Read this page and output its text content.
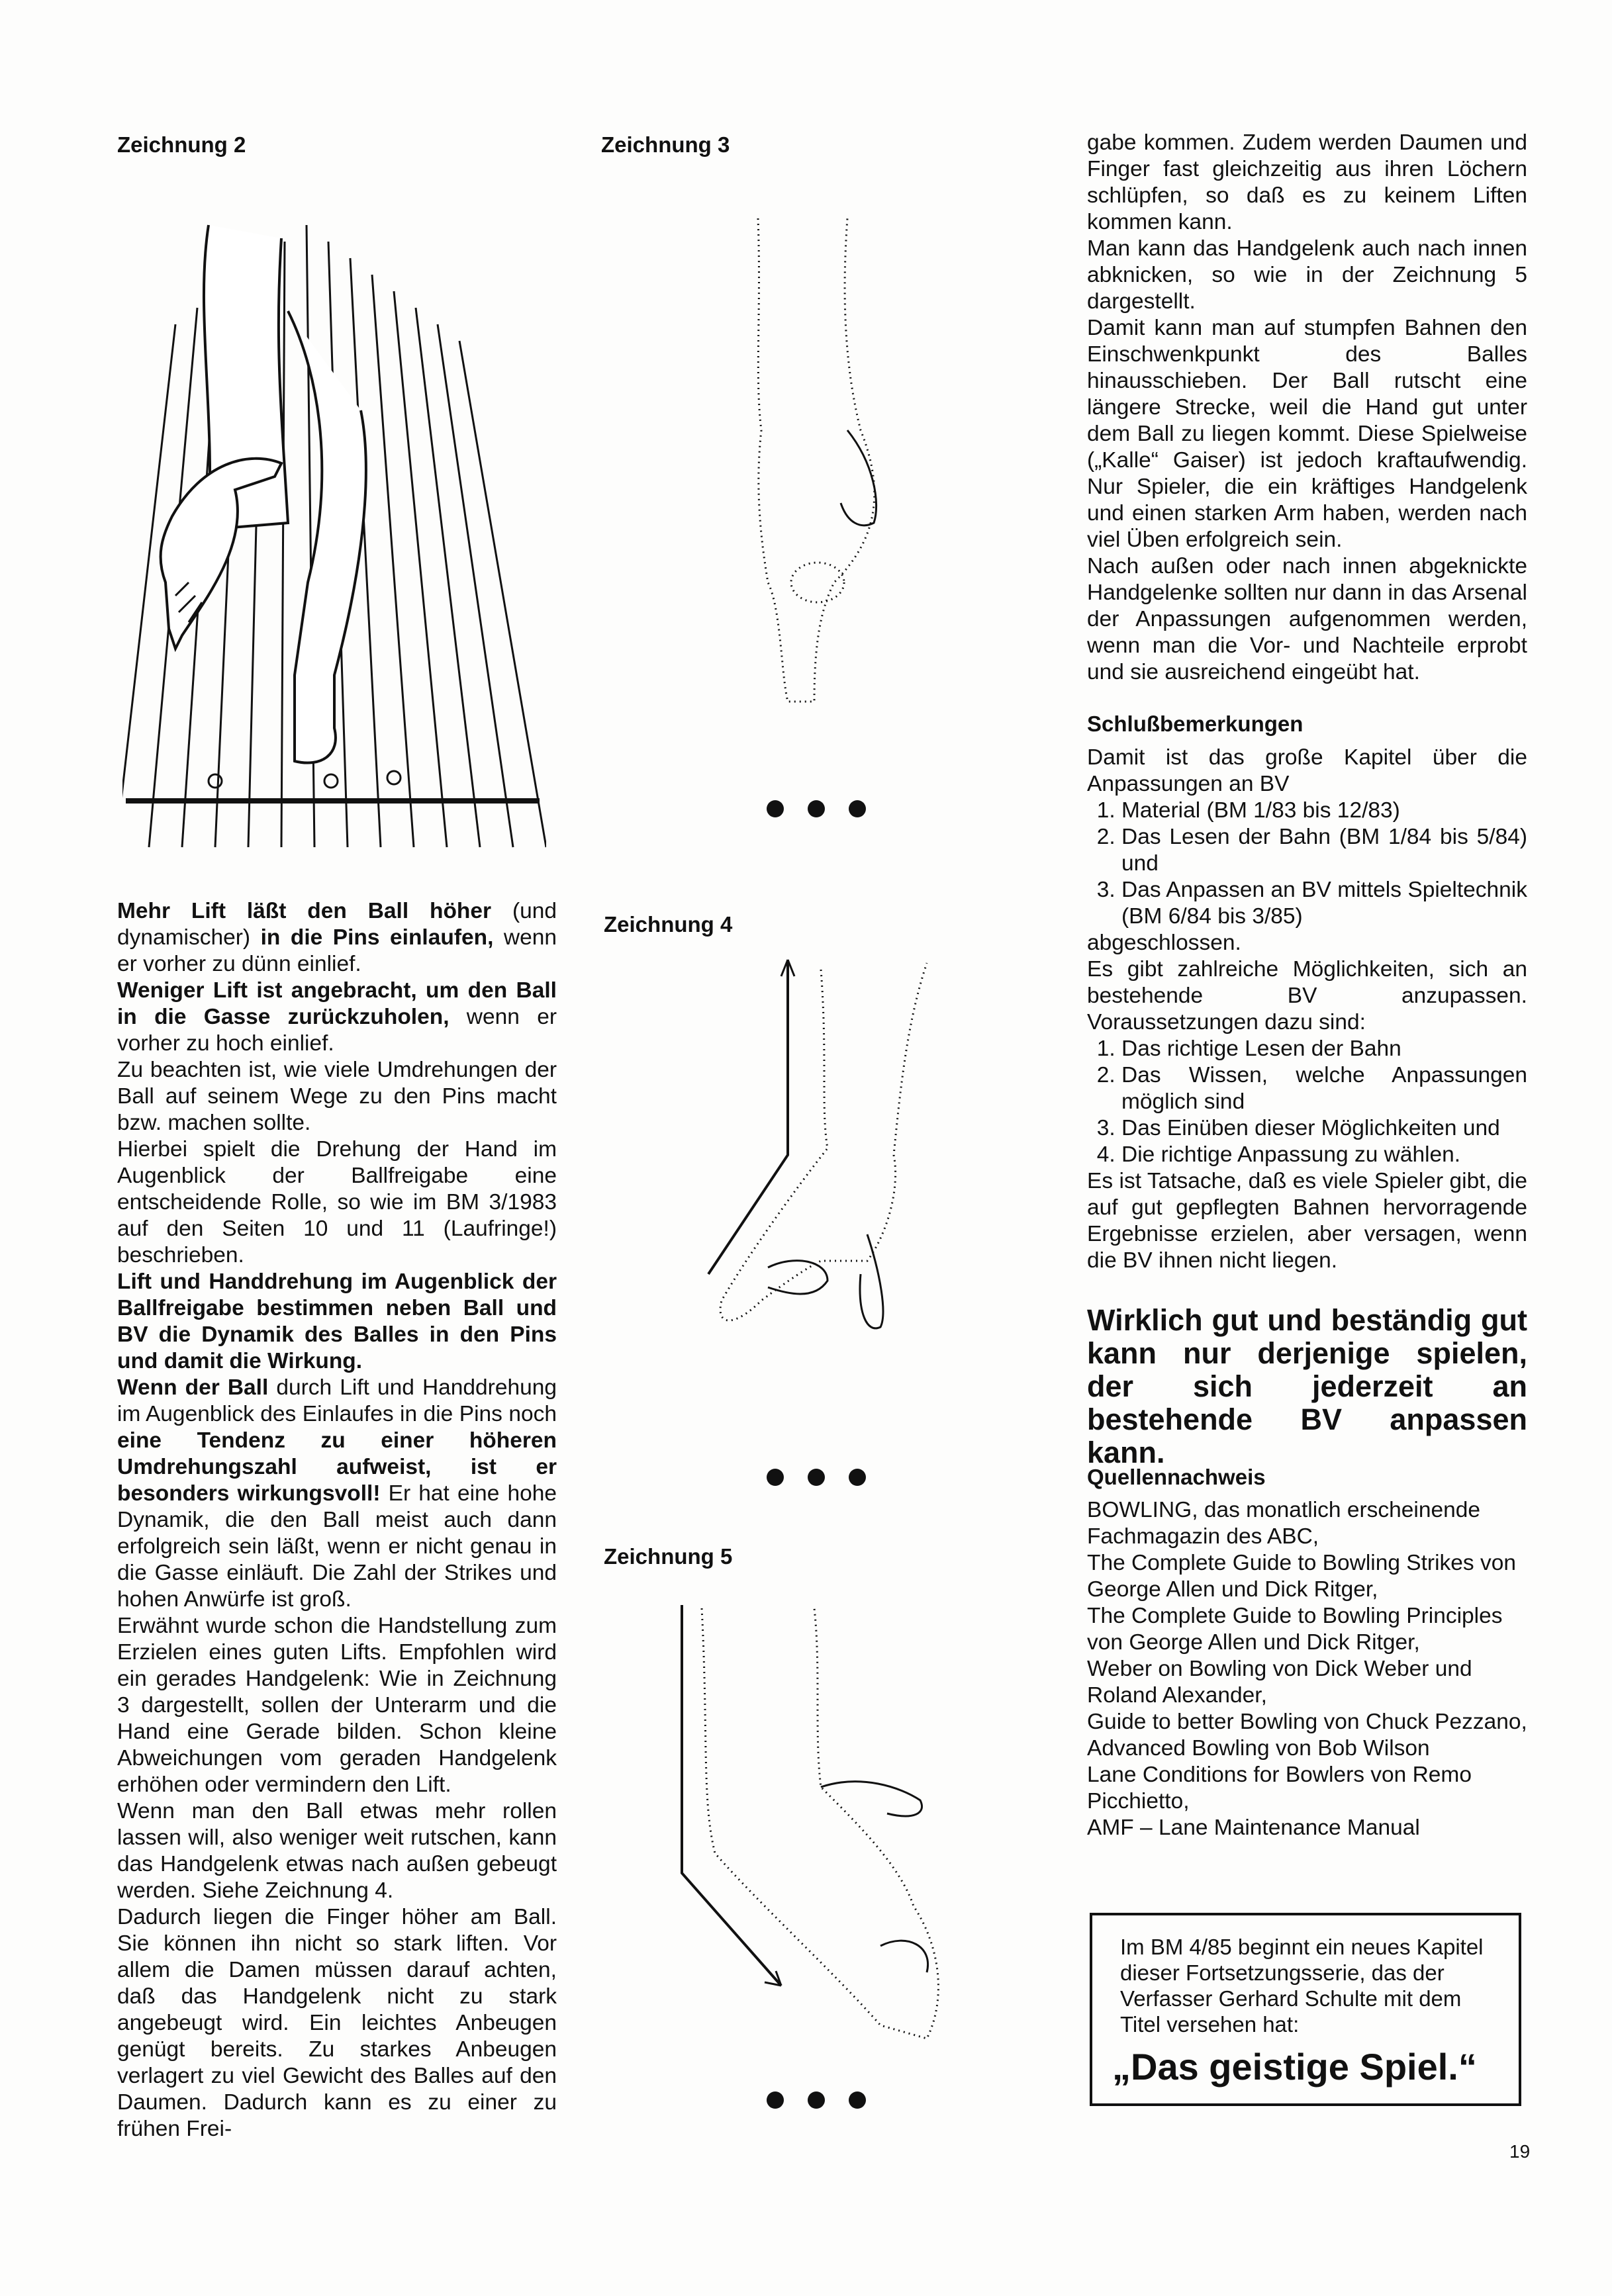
Zeichnung 2	Zeichnung 3
Zeichnung 4
Zeichnung 5

Mehr Lift läßt den Ball höher (und dynamischer) in die Pins einlaufen, wenn er vorher zu dünn einlief.

Weniger Lift ist angebracht, um den Ball in die Gasse zurückzuholen, wenn er vorher zu hoch einlief.

Zu beachten ist, wie viele Umdrehungen der Ball auf seinem Wege zu den Pins macht bzw. machen sollte.

Hierbei spielt die Drehung der Hand im Augenblick der Ballfreigabe eine entscheidende Rolle, so wie im BM 3/1983 auf den Seiten 10 und 11 (Laufringe!) beschrieben.

Lift und Handdrehung im Augenblick der Ballfreigabe bestimmen neben Ball und BV die Dynamik des Balles in den Pins und damit die Wirkung.

Wenn der Ball durch Lift und Handdrehung im Augenblick des Einlaufes in die Pins noch eine Tendenz zu einer höheren Umdrehungszahl aufweist, ist er besonders wirkungsvoll! Er hat eine hohe Dynamik, die den Ball meist auch dann erfolgreich sein läßt, wenn er nicht genau in die Gasse einläuft. Die Zahl der Strikes und hohen Anwürfe ist groß.

Erwähnt wurde schon die Handstellung zum Erzielen eines guten Lifts. Empfohlen wird ein gerades Handgelenk: Wie in Zeichnung 3 dargestellt, sollen der Unterarm und die Hand eine Gerade bilden. Schon kleine Abweichungen vom geraden Handgelenk erhöhen oder vermindern den Lift.

Wenn man den Ball etwas mehr rollen lassen will, also weniger weit rutschen, kann das Handgelenk etwas nach außen gebeugt werden. Siehe Zeichnung 4.

Dadurch liegen die Finger höher am Ball. Sie können ihn nicht so stark liften. Vor allem die Damen müssen darauf achten, daß das Handgelenk nicht zu stark angebeugt wird. Ein leichtes Anbeugen genügt bereits. Zu starkes Anbeugen verlagert zu viel Gewicht des Balles auf den Daumen. Dadurch kann es zu einer zu frühen Frei-

gabe kommen. Zudem werden Daumen und Finger fast gleichzeitig aus ihren Löchern schlüpfen, so daß es zu keinem Liften kommen kann.

Man kann das Handgelenk auch nach innen abknicken, so wie in der Zeichnung 5 dargestellt.

Damit kann man auf stumpfen Bahnen den Einschwenkpunkt des Balles hinausschieben. Der Ball rutscht eine längere Strecke, weil die Hand gut unter dem Ball zu liegen kommt. Diese Spielweise („Kalle“ Gaiser) ist jedoch kraftaufwendig. Nur Spieler, die ein kräftiges Handgelenk und einen starken Arm haben, werden nach viel Üben erfolgreich sein.

Nach außen oder nach innen abgeknickte Handgelenke sollten nur dann in das Arsenal der Anpassungen aufgenommen werden, wenn man die Vor- und Nachteile erprobt und sie ausreichend eingeübt hat.

Schlußbemerkungen

Damit ist das große Kapitel über die Anpassungen an BV

1. Material (BM 1/83 bis 12/83)
2. Das Lesen der Bahn (BM 1/84 bis 5/84) und
3. Das Anpassen an BV mittels Spieltechnik (BM 6/84 bis 3/85)

abgeschlossen.

Es gibt zahlreiche Möglichkeiten, sich an bestehende BV anzupassen. Voraussetzungen dazu sind:

1. Das richtige Lesen der Bahn
2. Das Wissen, welche Anpassungen möglich sind
3. Das Einüben dieser Möglichkeiten und
4. Die richtige Anpassung zu wählen.

Es ist Tatsache, daß es viele Spieler gibt, die auf gut gepflegten Bahnen hervorragende Ergebnisse erzielen, aber versagen, wenn die BV ihnen nicht liegen.

Wirklich gut und beständig gut kann nur derjenige spielen, der sich jederzeit an bestehende BV anpassen kann.
Quellennachweis
BOWLING, das monatlich erscheinende Fachmagazin des ABC,
The Complete Guide to Bowling Strikes von George Allen und Dick Ritger,
The Complete Guide to Bowling Principles von George Allen und Dick Ritger,
Weber on Bowling von Dick Weber und Roland Alexander,
Guide to better Bowling von Chuck Pezzano,
Advanced Bowling von Bob Wilson
Lane Conditions for Bowlers von Remo Picchietto,
AMF – Lane Maintenance Manual
Im BM 4/85 beginnt ein neues Kapitel dieser Fortsetzungsserie, das der Verfasser Gerhard Schulte mit dem Titel versehen hat:
„Das geistige Spiel.“
19
